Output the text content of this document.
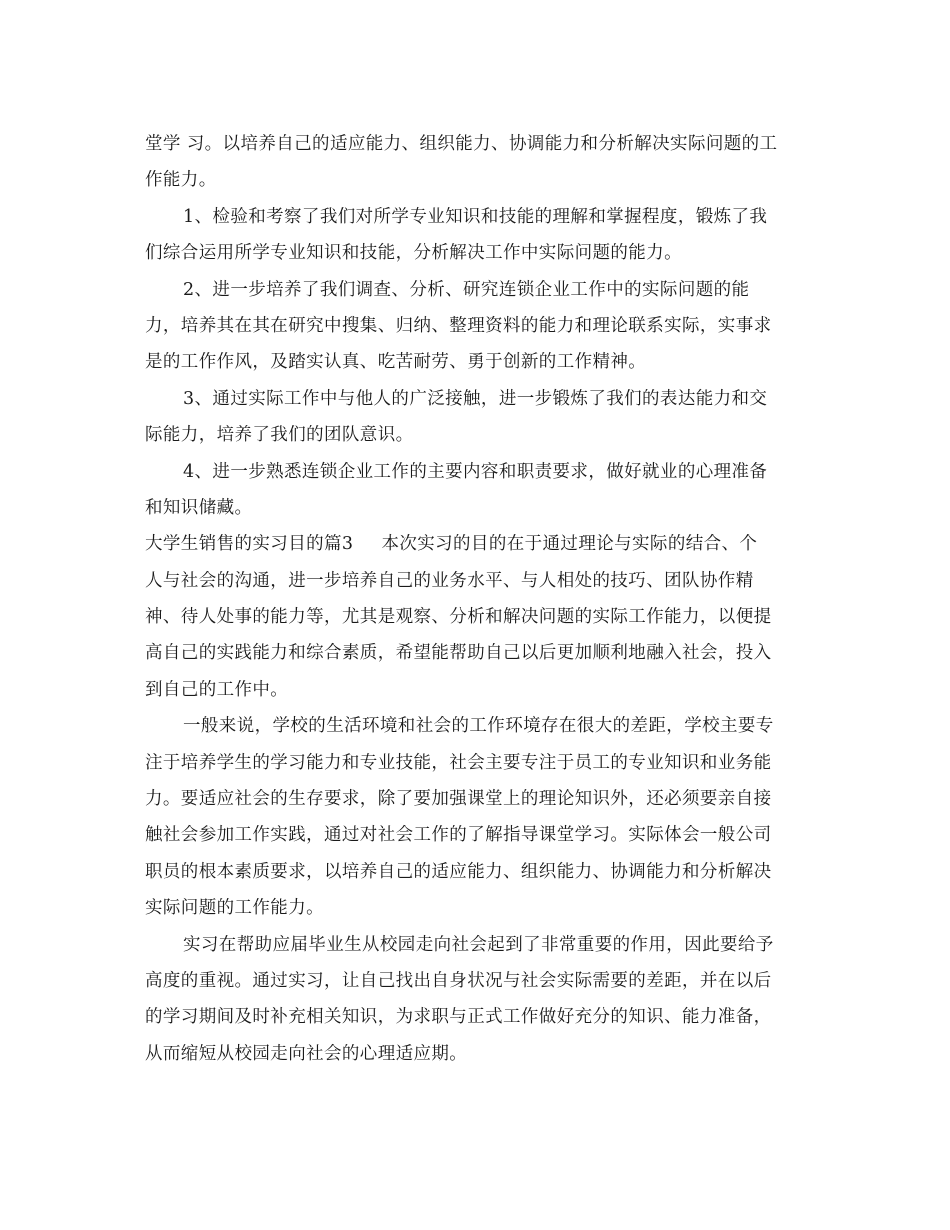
堂学 习。以培养自己的适应能力、组织能力、协调能力和分析解决实际问题的工
作能力。
1、检验和考察了我们对所学专业知识和技能的理解和掌握程度，锻炼了我
们综合运用所学专业知识和技能，分析解决工作中实际问题的能力。
2、进一步培养了我们调查、分析、研究连锁企业工作中的实际问题的能
力，培养其在其在研究中搜集、归纳、整理资料的能力和理论联系实际，实事求
是的工作作风，及踏实认真、吃苦耐劳、勇于创新的工作精神。
3、通过实际工作中与他人的广泛接触，进一步锻炼了我们的表达能力和交
际能力，培养了我们的团队意识。
4、进一步熟悉连锁企业工作的主要内容和职责要求，做好就业的心理准备
和知识储藏。
大学生销售的实习目的篇3 本次实习的目的在于通过理论与实际的结合、个
人与社会的沟通，进一步培养自己的业务水平、与人相处的技巧、团队协作精
神、待人处事的能力等，尤其是观察、分析和解决问题的实际工作能力，以便提
高自己的实践能力和综合素质，希望能帮助自己以后更加顺利地融入社会，投入
到自己的工作中。
一般来说，学校的生活环境和社会的工作环境存在很大的差距，学校主要专
注于培养学生的学习能力和专业技能，社会主要专注于员工的专业知识和业务能
力。要适应社会的生存要求，除了要加强课堂上的理论知识外，还必须要亲自接
触社会参加工作实践，通过对社会工作的了解指导课堂学习。实际体会一般公司
职员的根本素质要求，以培养自己的适应能力、组织能力、协调能力和分析解决
实际问题的工作能力。
实习在帮助应届毕业生从校园走向社会起到了非常重要的作用，因此要给予
高度的重视。通过实习，让自己找出自身状况与社会实际需要的差距，并在以后
的学习期间及时补充相关知识，为求职与正式工作做好充分的知识、能力准备，
从而缩短从校园走向社会的心理适应期。
